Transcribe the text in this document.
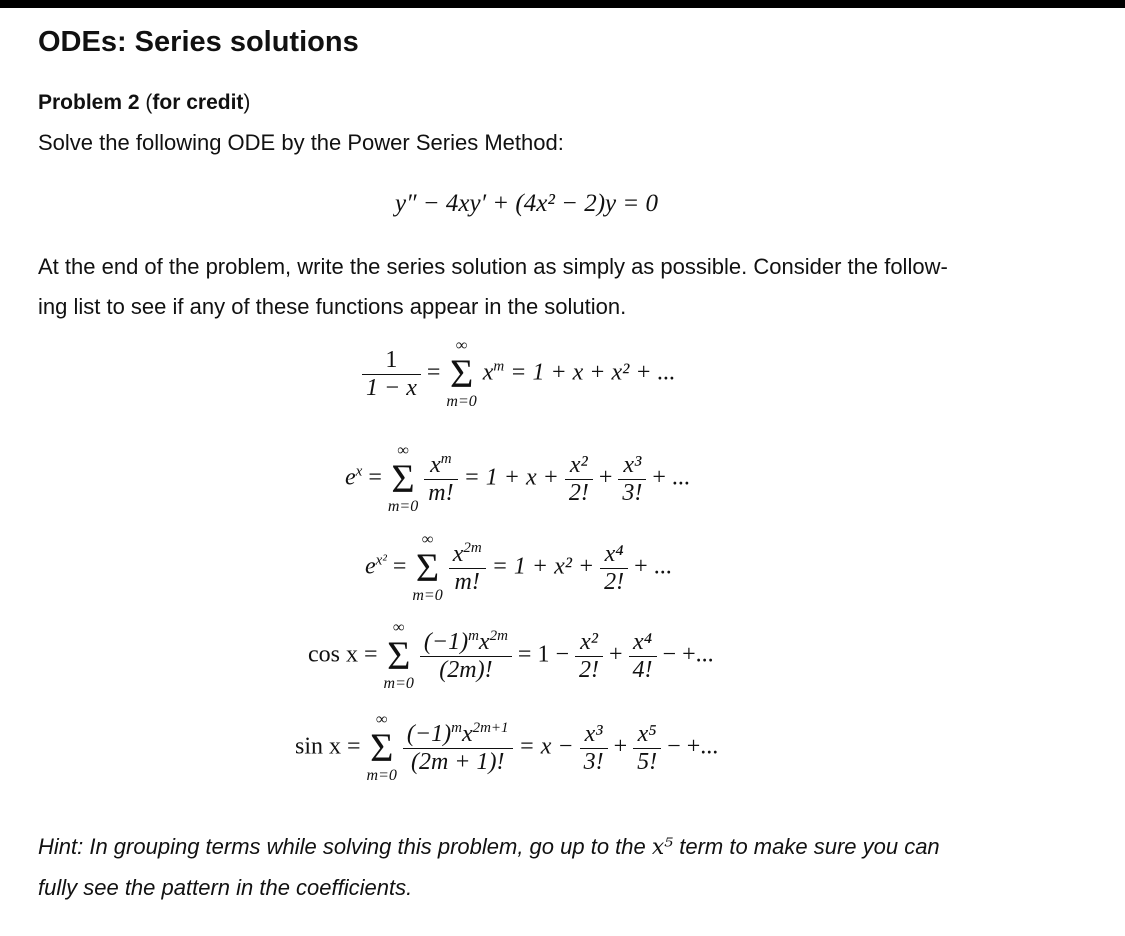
ODEs: Series solutions
Problem 2 (for credit)
Solve the following ODE by the Power Series Method:
y″ − 4xy′ + (4x² − 2)y = 0
At the end of the problem, write the series solution as simply as possible. Consider the follow-
ing list to see if any of these functions appear in the solution.
$\frac{1}{1 - x}$ =
∞
Σ
m=0
$x^m = 1 + x + x^2$ + ...
$e^x$ =
∞
Σ
m=0
$\frac{x^m}{m!} = 1 + x + \frac{\text{x²}}{2!} + \frac{\text{x³}}{3!}$ + ...
$e^{x^2}$ =
∞
Σ
m=0
$\frac{x^{2m}}{m!} = 1 + x^2 + \frac{\text{x⁴}}{2!}$ + ...
cos x =
∞
Σ
m=0
$\frac{(-1)^mx^{2m}}{(2m)!} = 1 - \frac{\text{x²}}{2!} + \frac{\text{x⁴}}{4!}$ − +...
sin x =
∞
Σ
m=0
$\frac{(-1)^mx^{2m+1}}{(2m + 1)!} = x - \frac{\text{x³}}{3!} + \frac{\text{x⁵}}{5!}$ − +...
Hint: In grouping terms while solving this problem, go up to the x⁵ term to make sure you can
fully see the pattern in the coefficients.
